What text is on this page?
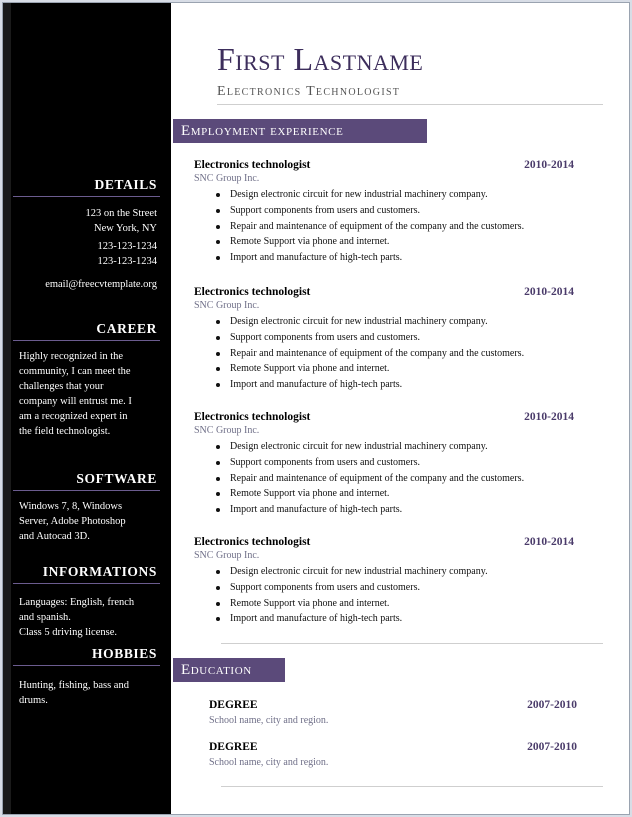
DETAILS
123 on the Street
New York, NY
123-123-1234
123-123-1234
email@freecvtemplate.org
CAREER
Highly recognized in the
community, I can meet the
challenges that your
company will entrust me. I
am a recognized expert in
the field technologist.
SOFTWARE
Windows 7, 8, Windows
Server, Adobe Photoshop
and Autocad 3D.
INFORMATIONS
Languages: English, french
and spanish.
Class 5 driving license.
HOBBIES
Hunting, fishing, bass and
drums.
First Lastname
Electronics Technologist
Employment experience
Electronics technologist	2010-2014
SNC Group Inc.
Design electronic circuit for new industrial machinery company.
Support components from users and customers.
Repair and maintenance of equipment of the company and the customers.
Remote Support via phone and internet.
Import and manufacture of high-tech parts.
Electronics technologist	2010-2014
SNC Group Inc.
Design electronic circuit for new industrial machinery company.
Support components from users and customers.
Repair and maintenance of equipment of the company and the customers.
Remote Support via phone and internet.
Import and manufacture of high-tech parts.
Electronics technologist	2010-2014
SNC Group Inc.
Design electronic circuit for new industrial machinery company.
Support components from users and customers.
Repair and maintenance of equipment of the company and the customers.
Remote Support via phone and internet.
Import and manufacture of high-tech parts.
Electronics technologist	2010-2014
SNC Group Inc.
Design electronic circuit for new industrial machinery company.
Support components from users and customers.
Remote Support via phone and internet.
Import and manufacture of high-tech parts.
Education
DEGREE	2007-2010
School name, city and region.
DEGREE	2007-2010
School name, city and region.
